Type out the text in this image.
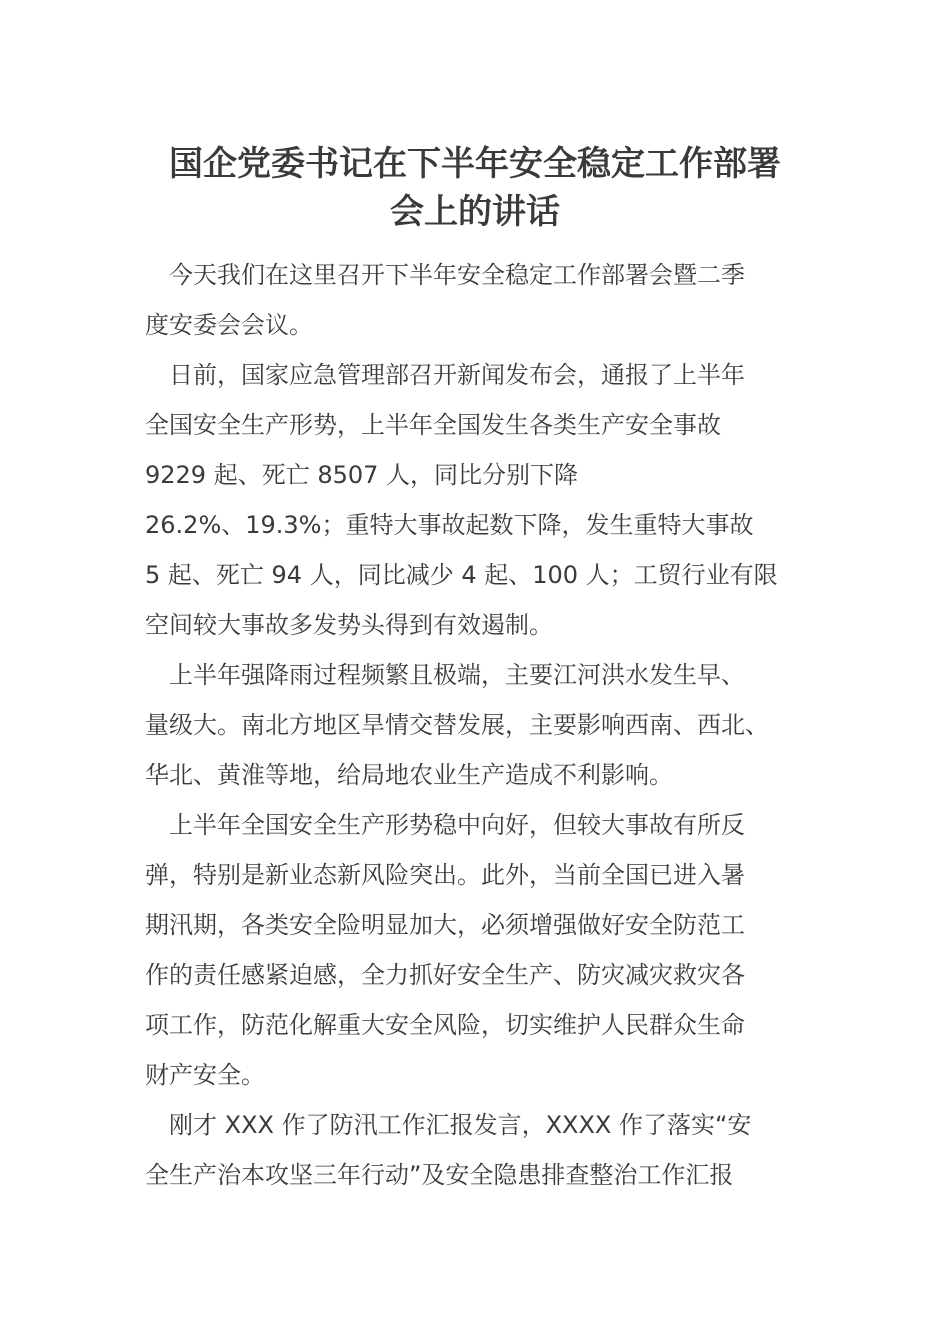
国企党委书记在下半年安全稳定工作部署
会上的讲话

今天我们在这里召开下半年安全稳定工作部署会暨二季

度安委会会议。

日前，国家应急管理部召开新闻发布会，通报了上半年

全国安全生产形势，上半年全国发生各类生产安全事故

9229 起、死亡 8507 人，同比分别下降

26.2%、19.3%；重特大事故起数下降，发生重特大事故

5 起、死亡 94 人，同比减少 4 起、100 人；工贸行业有限

空间较大事故多发势头得到有效遏制。

上半年强降雨过程频繁且极端，主要江河洪水发生早、

量级大。南北方地区旱情交替发展，主要影响西南、西北、

华北、黄淮等地，给局地农业生产造成不利影响。

上半年全国安全生产形势稳中向好，但较大事故有所反

弹，特别是新业态新风险突出。此外，当前全国已进入暑

期汛期，各类安全险明显加大，必须增强做好安全防范工

作的责任感紧迫感，全力抓好安全生产、防灾减灾救灾各

项工作，防范化解重大安全风险，切实维护人民群众生命

财产安全。

刚才 XXX 作了防汛工作汇报发言，XXXX 作了落实“安

全生产治本攻坚三年行动”及安全隐患排查整治工作汇报
